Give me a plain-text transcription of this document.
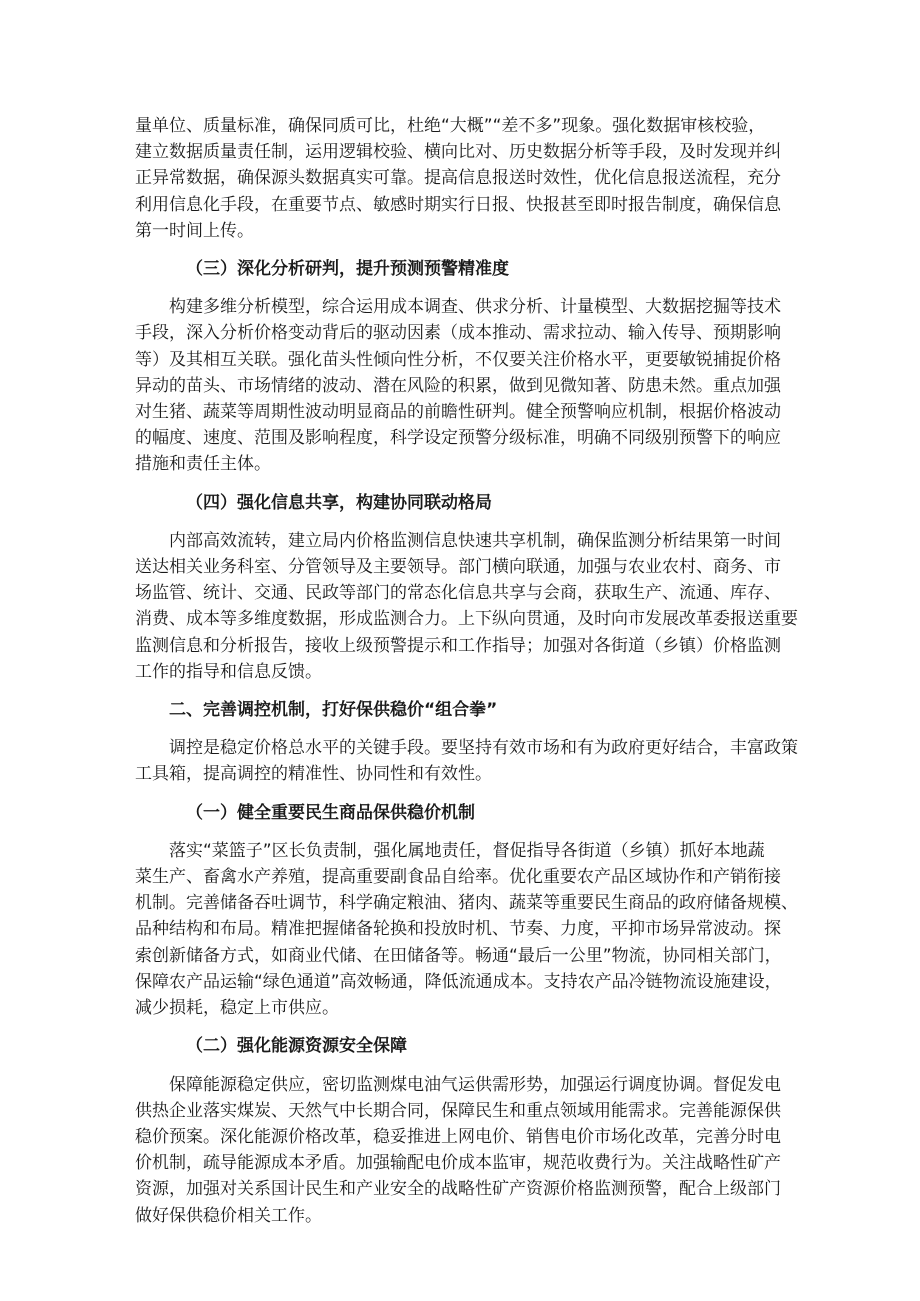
量单位、质量标准，确保同质可比，杜绝“大概”“差不多”现象。强化数据审核校验，
建立数据质量责任制，运用逻辑校验、横向比对、历史数据分析等手段，及时发现并纠
正异常数据，确保源头数据真实可靠。提高信息报送时效性，优化信息报送流程，充分
利用信息化手段，在重要节点、敏感时期实行日报、快报甚至即时报告制度，确保信息
第一时间上传。
（三）深化分析研判，提升预测预警精准度
构建多维分析模型，综合运用成本调查、供求分析、计量模型、大数据挖掘等技术
手段，深入分析价格变动背后的驱动因素（成本推动、需求拉动、输入传导、预期影响
等）及其相互关联。强化苗头性倾向性分析，不仅要关注价格水平，更要敏锐捕捉价格
异动的苗头、市场情绪的波动、潜在风险的积累，做到见微知著、防患未然。重点加强
对生猪、蔬菜等周期性波动明显商品的前瞻性研判。健全预警响应机制，根据价格波动
的幅度、速度、范围及影响程度，科学设定预警分级标准，明确不同级别预警下的响应
措施和责任主体。
（四）强化信息共享，构建协同联动格局
内部高效流转，建立局内价格监测信息快速共享机制，确保监测分析结果第一时间
送达相关业务科室、分管领导及主要领导。部门横向联通，加强与农业农村、商务、市
场监管、统计、交通、民政等部门的常态化信息共享与会商，获取生产、流通、库存、
消费、成本等多维度数据，形成监测合力。上下纵向贯通，及时向市发展改革委报送重要
监测信息和分析报告，接收上级预警提示和工作指导；加强对各街道（乡镇）价格监测
工作的指导和信息反馈。
二、完善调控机制，打好保供稳价“组合拳”
调控是稳定价格总水平的关键手段。要坚持有效市场和有为政府更好结合，丰富政策
工具箱，提高调控的精准性、协同性和有效性。
（一）健全重要民生商品保供稳价机制
落实“菜篮子”区长负责制，强化属地责任，督促指导各街道（乡镇）抓好本地蔬
菜生产、畜禽水产养殖，提高重要副食品自给率。优化重要农产品区域协作和产销衔接
机制。完善储备吞吐调节，科学确定粮油、猪肉、蔬菜等重要民生商品的政府储备规模、
品种结构和布局。精准把握储备轮换和投放时机、节奏、力度，平抑市场异常波动。探
索创新储备方式，如商业代储、在田储备等。畅通“最后一公里”物流，协同相关部门，
保障农产品运输“绿色通道”高效畅通，降低流通成本。支持农产品冷链物流设施建设，
减少损耗，稳定上市供应。
（二）强化能源资源安全保障
保障能源稳定供应，密切监测煤电油气运供需形势，加强运行调度协调。督促发电
供热企业落实煤炭、天然气中长期合同，保障民生和重点领域用能需求。完善能源保供
稳价预案。深化能源价格改革，稳妥推进上网电价、销售电价市场化改革，完善分时电
价机制，疏导能源成本矛盾。加强输配电价成本监审，规范收费行为。关注战略性矿产
资源，加强对关系国计民生和产业安全的战略性矿产资源价格监测预警，配合上级部门
做好保供稳价相关工作。
